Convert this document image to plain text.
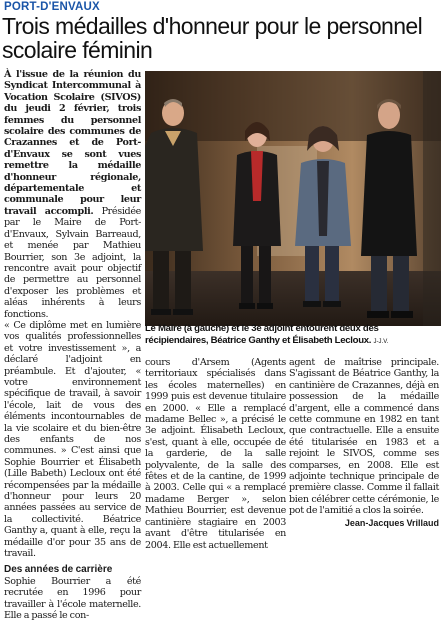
PORT-D'ENVAUX
Trois médailles d'honneur pour le personnel scolaire féminin

À l'issue de la réunion du Syndicat Intercommunal à Vocation Scolaire (SIVOS) du jeudi 2 février, trois femmes du personnel scolaire des communes de Crazannes et de Port-d'Envaux se sont vues remettre la médaille d'honneur régionale, départementale et communale pour leur travail accompli. Présidée par le Maire de Port-d'Envaux, Sylvain Barreaud, et menée par Mathieu Bourrier, son 3e adjoint, la rencontre avait pour objectif de permettre au personnel d'exposer les problèmes et aléas inhérents à leurs fonctions.

« Ce diplôme met en lumière vos qualités professionnelles et votre investissement », a déclaré l'adjoint en préambule. Et d'ajouter, « votre environnement spécifique de travail, à savoir l'école, lait de vous des éléments incontournables de la vie scolaire et du bien-être des enfants de nos communes. » C'est ainsi que Sophie Bourrier et Élisabeth (Lille Babeth) Lecloux ont été récompensées par la médaille d'honneur pour leurs 20 années passées au service de la collectivité. Béatrice Ganthy a, quant à elle, reçu la médaille d'or pour 35 ans de travail.

Des années de carrière

Sophie Bourrier a été recrutée en 1996 pour travailler à l'école maternelle. Elle a passé le con-

Le Maire (à gauche) et le 3e adjoint entourent deux des récipiendaires, Béatrice Ganthy et Élisabeth Lecloux. J-J.V.

cours d'Arsem (Agents territoriaux spécialisés dans les écoles maternelles) en 1999 puis est devenue titulaire en 2000. « Elle a remplacé madame Bellec », a précisé le 3e adjoint. Élisabeth Lecloux, s'est, quant à elle, occupée de la garderie, de la salle polyvalente, de la salle des fêtes et de la cantine, de 1999 à 2003. Celle qui « a remplacé madame Berger », selon Mathieu Bourrier, est devenue cantinière stagiaire en 2003 avant d'être titularisée en 2004. Elle est actuellement

agent de maîtrise principale. S'agissant de Béatrice Ganthy, la cantinière de Crazannes, déjà en possession de la médaille d'argent, elle a commencé dans cette commune en 1982 en tant que contractuelle. Elle a ensuite été titularisée en 1983 et a rejoint le SIVOS, comme ses comparses, en 2008. Elle est adjointe technique principale de première classe. Comme il fallait bien célébrer cette cérémonie, le pot de l'amitié a clos la soirée.

Jean-Jacques Vrillaud
